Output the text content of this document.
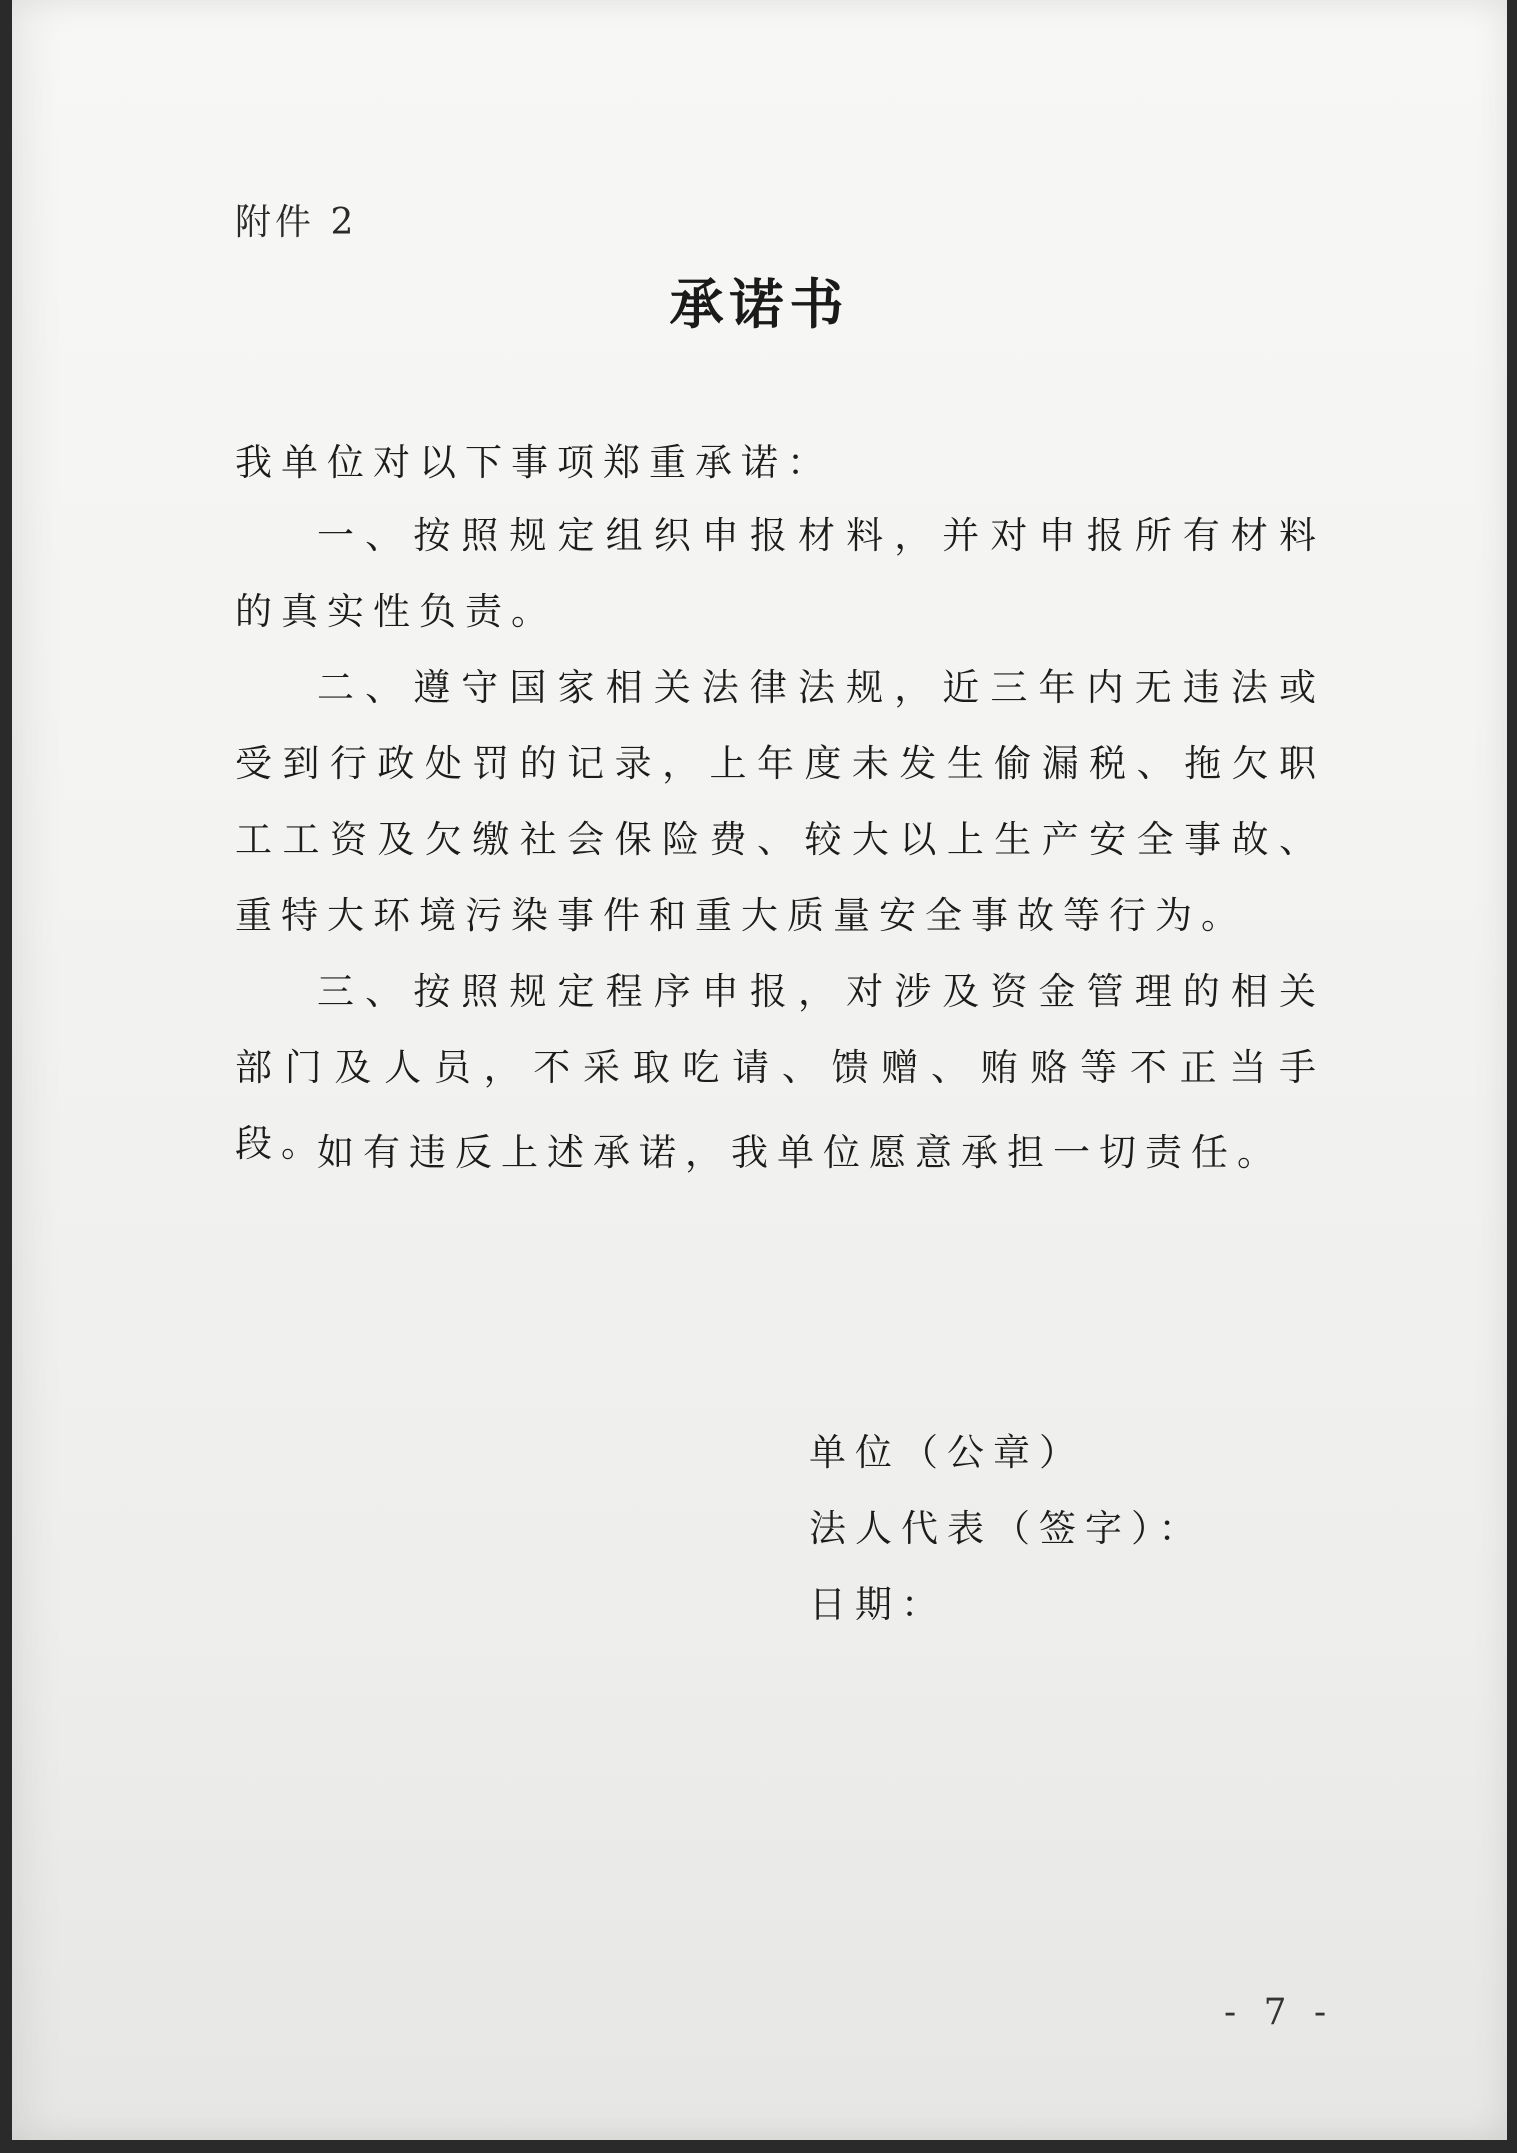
附件 2
承诺书
我单位对以下事项郑重承诺：

一、按照规定组织申报材料，并对申报所有材料的真实性负责。

二、遵守国家相关法律法规，近三年内无违法或受到行政处罚的记录，上年度未发生偷漏税、拖欠职工工资及欠缴社会保险费、较大以上生产安全事故、重特大环境污染事件和重大质量安全事故等行为。

三、按照规定程序申报，对涉及资金管理的相关部门及人员，不采取吃请、馈赠、贿赂等不正当手段。

如有违反上述承诺，我单位愿意承担一切责任。
单位（公章）
法人代表（签字）：
日期：
- 7 -
